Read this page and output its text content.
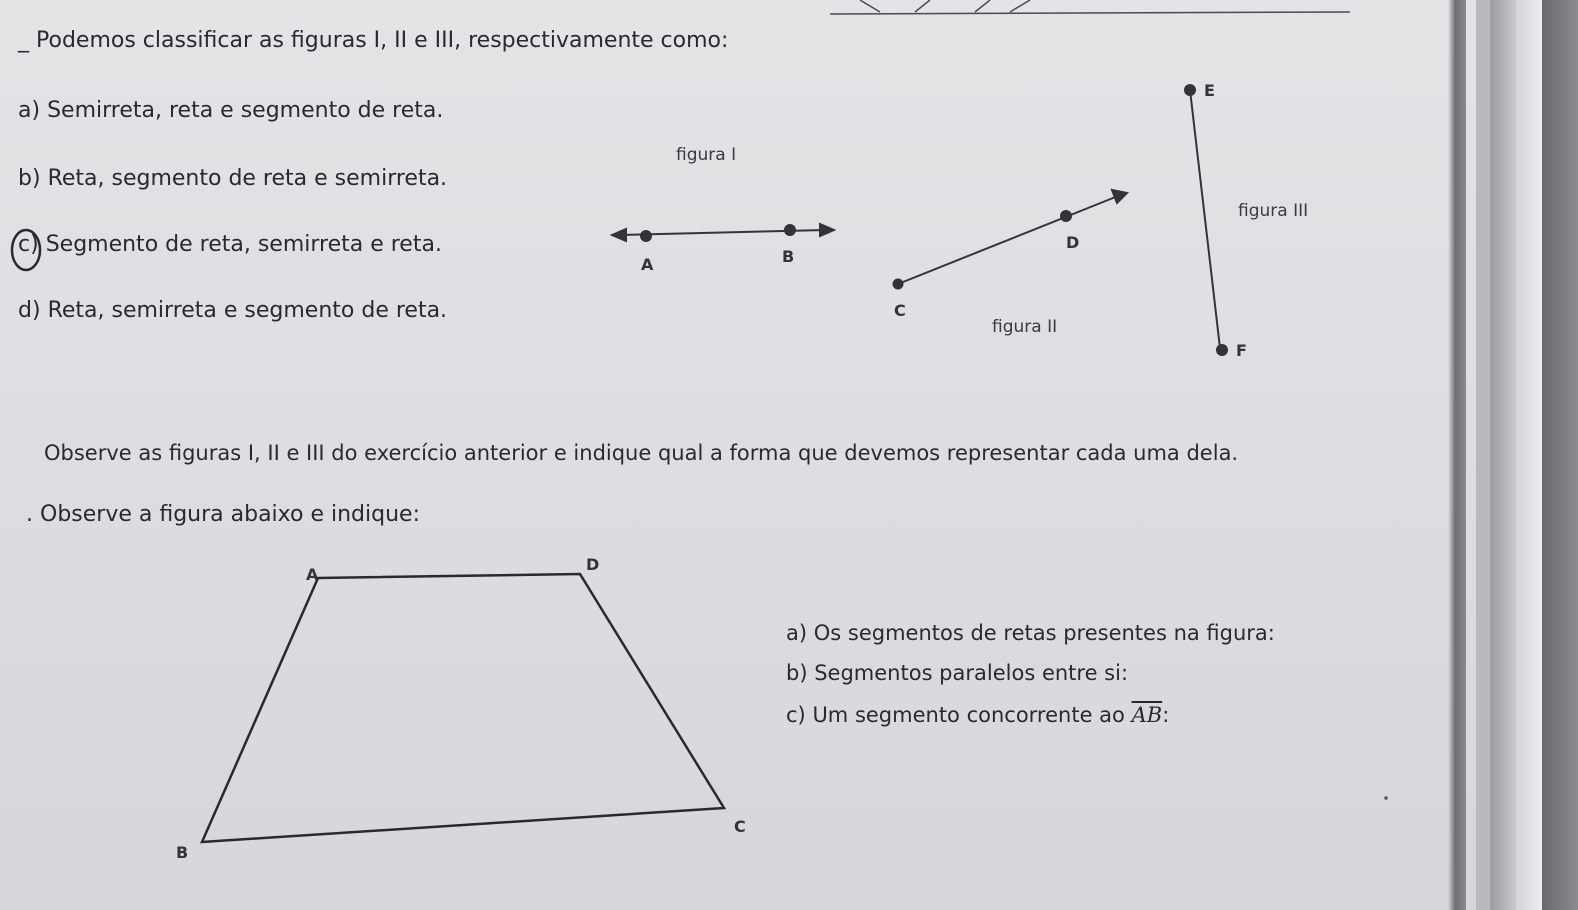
_ Podemos classificar as figuras I, II e III, respectivamente como:
a) Semirreta, reta e segmento de reta.
b) Reta, segmento de reta e semirreta.
c) Segmento de reta, semirreta e reta.
d) Reta, semirreta e segmento de reta.
figura I
figura II
figura III
A	B
C
D
E
F
Observe as figuras I, II e III do exercício anterior e indique qual a forma que devemos representar cada uma dela.
. Observe a figura abaixo e indique:
a) Os segmentos de retas presentes na figura:
b) Segmentos paralelos entre si:
c) Um segmento concorrente ao $\overline{AB}$:
A
D
B
C
